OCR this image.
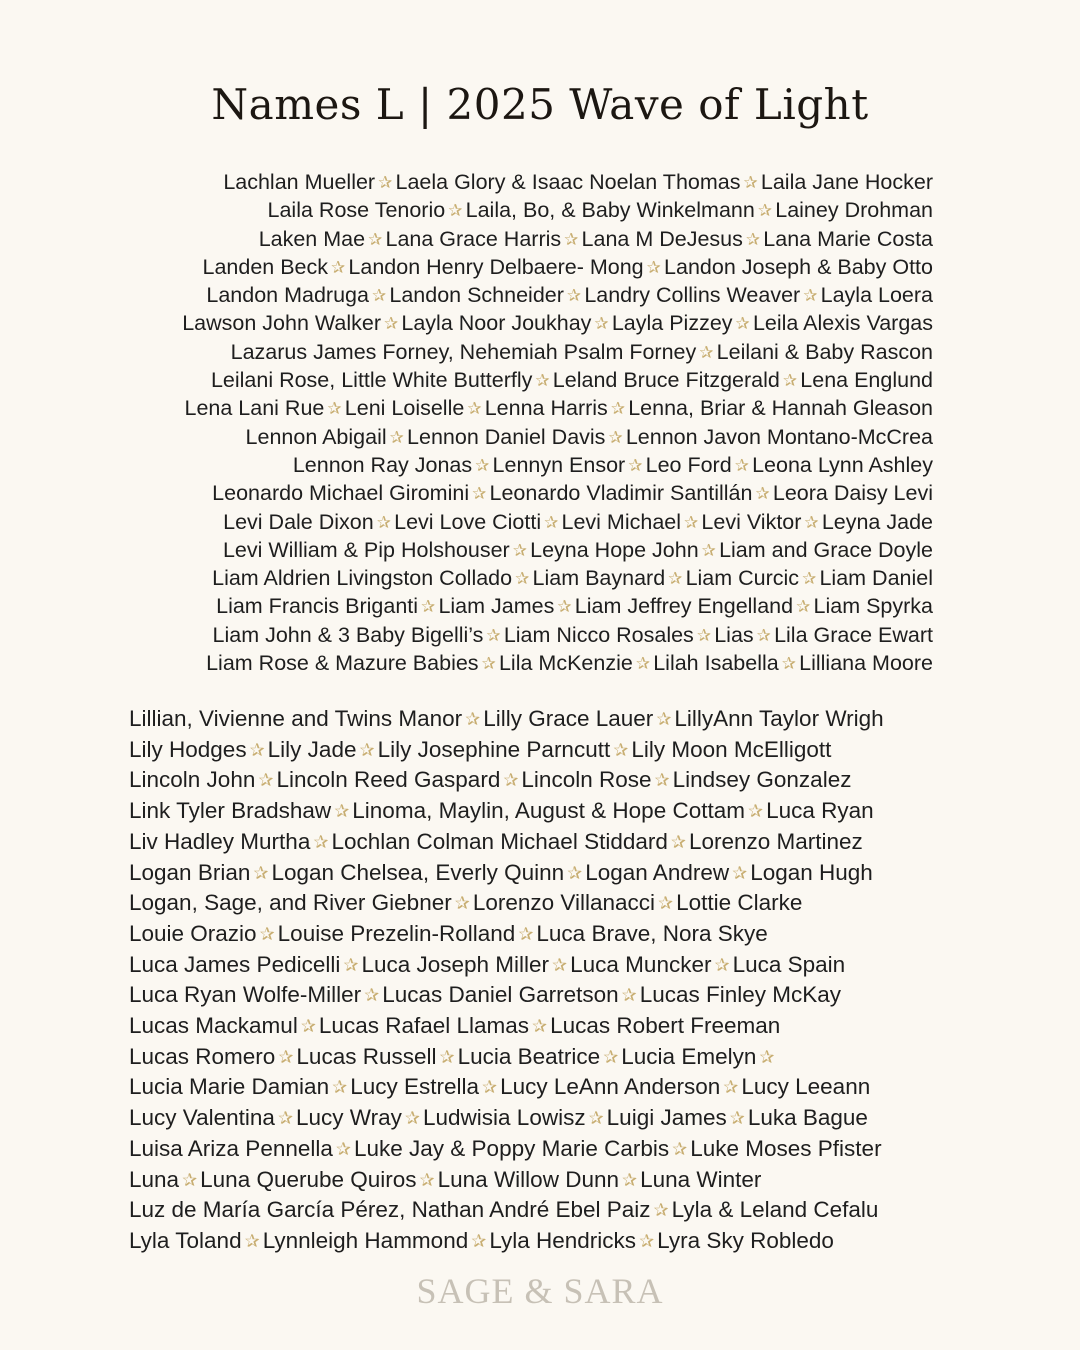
Names L | 2025 Wave of Light
Lachlan Mueller ✰ Laela Glory & Isaac Noelan Thomas ✰ Laila Jane Hocker
Laila Rose Tenorio ✰ Laila, Bo, & Baby Winkelmann ✰ Lainey Drohman
Laken Mae ✰ Lana Grace Harris ✰ Lana M DeJesus ✰ Lana Marie Costa
Landen Beck ✰ Landon Henry Delbaere- Mong ✰ Landon Joseph & Baby Otto
Landon Madruga ✰ Landon Schneider ✰ Landry Collins Weaver ✰ Layla Loera
Lawson John Walker ✰ Layla Noor Joukhay ✰ Layla Pizzey ✰ Leila Alexis Vargas
Lazarus James Forney, Nehemiah Psalm Forney ✰ Leilani & Baby Rascon
Leilani Rose, Little White Butterfly ✰ Leland Bruce Fitzgerald ✰ Lena Englund
Lena Lani Rue ✰ Leni Loiselle ✰ Lenna Harris ✰ Lenna, Briar & Hannah Gleason
Lennon Abigail ✰ Lennon Daniel Davis ✰ Lennon Javon Montano-McCrea
Lennon Ray Jonas ✰ Lennyn Ensor ✰ Leo Ford ✰ Leona Lynn Ashley
Leonardo Michael Giromini ✰ Leonardo Vladimir Santillán ✰ Leora Daisy Levi
Levi Dale Dixon ✰ Levi Love Ciotti ✰ Levi Michael ✰ Levi Viktor ✰ Leyna Jade
Levi William & Pip Holshouser ✰ Leyna Hope John ✰ Liam and Grace Doyle
Liam Aldrien Livingston Collado ✰ Liam Baynard ✰ Liam Curcic ✰ Liam Daniel
Liam Francis Briganti ✰ Liam James ✰ Liam Jeffrey Engelland ✰ Liam Spyrka
Liam John & 3 Baby Bigelli’s ✰ Liam Nicco Rosales ✰ Lias ✰ Lila Grace Ewart
Liam Rose & Mazure Babies ✰ Lila McKenzie ✰ Lilah Isabella ✰ Lilliana Moore
Lillian, Vivienne and Twins Manor ✰ Lilly Grace Lauer ✰ LillyAnn Taylor Wrigh
Lily Hodges ✰ Lily Jade ✰ Lily Josephine Parncutt ✰ Lily Moon McElligott
Lincoln John ✰ Lincoln Reed Gaspard ✰ Lincoln Rose ✰ Lindsey Gonzalez
Link Tyler Bradshaw ✰ Linoma, Maylin, August & Hope Cottam ✰ Luca Ryan
Liv Hadley Murtha ✰ Lochlan Colman Michael Stiddard ✰ Lorenzo Martinez
Logan Brian ✰ Logan Chelsea, Everly Quinn ✰ Logan Andrew ✰ Logan Hugh
Logan, Sage, and River Giebner ✰ Lorenzo Villanacci ✰ Lottie Clarke
Louie Orazio ✰ Louise Prezelin-Rolland ✰ Luca Brave, Nora Skye
Luca James Pedicelli ✰ Luca Joseph Miller ✰ Luca Muncker ✰ Luca Spain
Luca Ryan Wolfe-Miller ✰ Lucas Daniel Garretson ✰ Lucas Finley McKay
Lucas Mackamul ✰ Lucas Rafael Llamas ✰ Lucas Robert Freeman
Lucas Romero ✰ Lucas Russell ✰ Lucia Beatrice ✰ Lucia Emelyn ✰
Lucia Marie Damian ✰ Lucy Estrella ✰ Lucy LeAnn Anderson ✰ Lucy Leeann
Lucy Valentina ✰ Lucy Wray ✰ Ludwisia Lowisz ✰ Luigi James ✰ Luka Bague
Luisa Ariza Pennella ✰ Luke Jay & Poppy Marie Carbis ✰ Luke Moses Pfister
Luna ✰ Luna Querube Quiros ✰ Luna Willow Dunn ✰ Luna Winter
Luz de María García Pérez, Nathan André Ebel Paiz ✰ Lyla & Leland Cefalu
Lyla Toland ✰ Lynnleigh Hammond ✰ Lyla Hendricks ✰ Lyra Sky Robledo
SAGE & SARA
